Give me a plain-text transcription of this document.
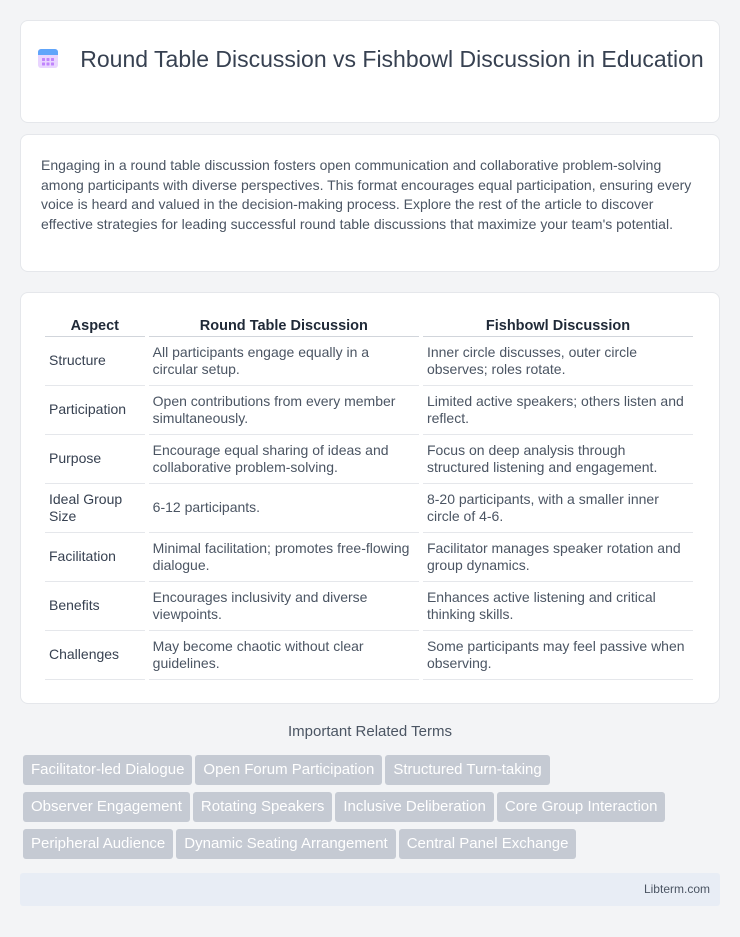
Round Table Discussion vs Fishbowl Discussion in Education

Engaging in a round table discussion fosters open communication and collaborative problem-solving among participants with diverse perspectives. This format encourages equal participation, ensuring every voice is heard and valued in the decision-making process. Explore the rest of the article to discover effective strategies for leading successful round table discussions that maximize your team's potential.

Aspect	Round Table Discussion	Fishbowl Discussion
Structure	All participants engage equally in a circular setup.	Inner circle discusses, outer circle observes; roles rotate.
Participation	Open contributions from every member simultaneously.	Limited active speakers; others listen and reflect.
Purpose	Encourage equal sharing of ideas and collaborative problem-solving.	Focus on deep analysis through structured listening and engagement.
Ideal Group Size	6-12 participants.	8-20 participants, with a smaller inner circle of 4-6.
Facilitation	Minimal facilitation; promotes free-flowing dialogue.	Facilitator manages speaker rotation and group dynamics.
Benefits	Encourages inclusivity and diverse viewpoints.	Enhances active listening and critical thinking skills.
Challenges	May become chaotic without clear guidelines.	Some participants may feel passive when observing.
Important Related Terms
Facilitator-led Dialogue Open Forum Participation Structured Turn-taking
Observer Engagement Rotating Speakers Inclusive Deliberation Core Group Interaction
Peripheral Audience Dynamic Seating Arrangement Central Panel Exchange
Libterm.com
